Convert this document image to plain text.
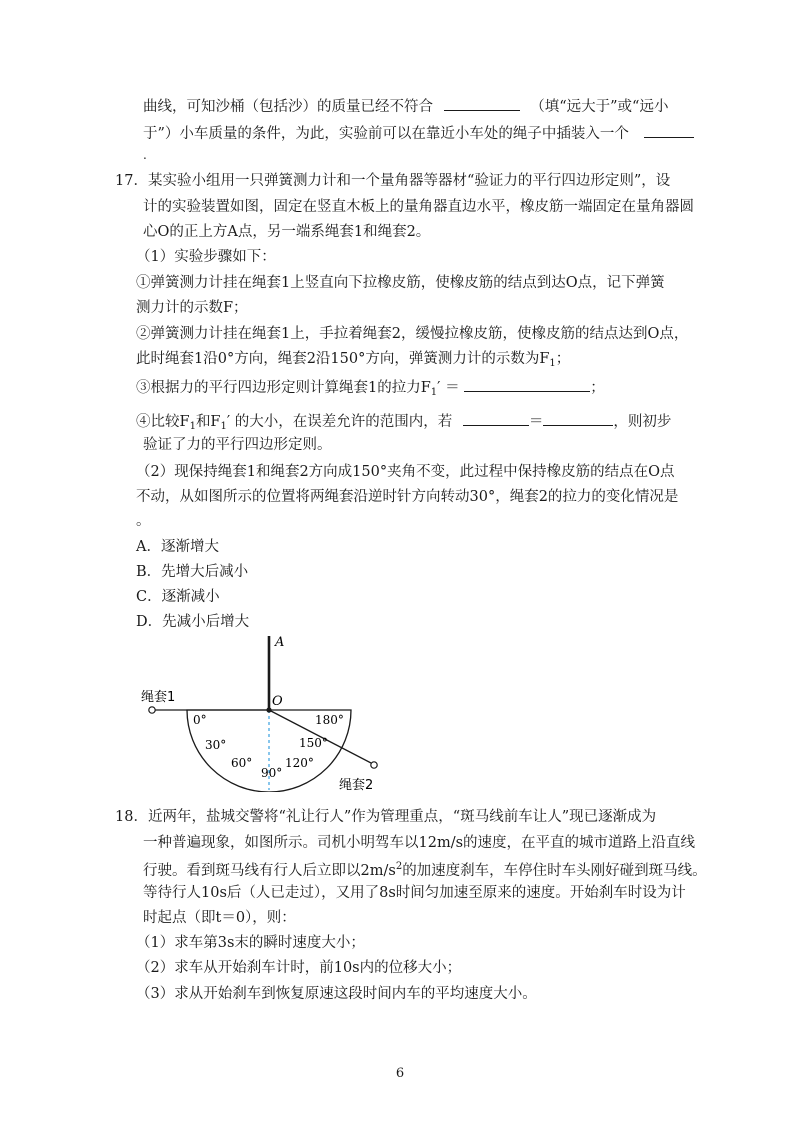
曲线，可知沙桶（包括沙）的质量已经不符合	（填“远大于”或“远小
于”）小车质量的条件，为此，实验前可以在靠近小车处的绳子中插装入一个
.
17．某实验小组用一只弹簧测力计和一个量角器等器材“验证力的平行四边形定则”，设
计的实验装置如图，固定在竖直木板上的量角器直边水平，橡皮筋一端固定在量角器圆
心O的正上方A点，另一端系绳套1和绳套2。
（1）实验步骤如下：
①弹簧测力计挂在绳套1上竖直向下拉橡皮筋，使橡皮筋的结点到达O点，记下弹簧
测力计的示数F；
②弹簧测力计挂在绳套1上，手拉着绳套2，缓慢拉橡皮筋，使橡皮筋的结点达到O点，
此时绳套1沿0°方向，绳套2沿150°方向，弹簧测力计的示数为$F_1$；
③根据力的平行四边形定则计算绳套1的拉力$F_1'$ ＝	；
④比较$F_1$和$F_1'$ 的大小，在误差允许的范围内，若	＝	，则初步
验证了力的平行四边形定则。
（2）现保持绳套1和绳套2方向成150°夹角不变，此过程中保持橡皮筋的结点在O点
不动，从如图所示的位置将两绳套沿逆时针方向转动30°，绳套2的拉力的变化情况是
。
A．逐渐增大
B．先增大后减小
C．逐渐减小
D．先减小后增大
A
O
绳套1
绳套2
0°
30°
60°
90°
120°
150°
180°
18．近两年，盐城交警将“礼让行人”作为管理重点，“斑马线前车让人”现已逐渐成为
一种普遍现象，如图所示。司机小明驾车以12m/s的速度，在平直的城市道路上沿直线
行驶。看到斑马线有行人后立即以$2m/s^2$的加速度刹车，车停住时车头刚好碰到斑马线。
等待行人10s后（人已走过），又用了8s时间匀加速至原来的速度。开始刹车时设为计
时起点（即t＝0），则：
（1）求车第3s末的瞬时速度大小；
（2）求车从开始刹车计时，前10s内的位移大小；
（3）求从开始刹车到恢复原速这段时间内车的平均速度大小。
6
